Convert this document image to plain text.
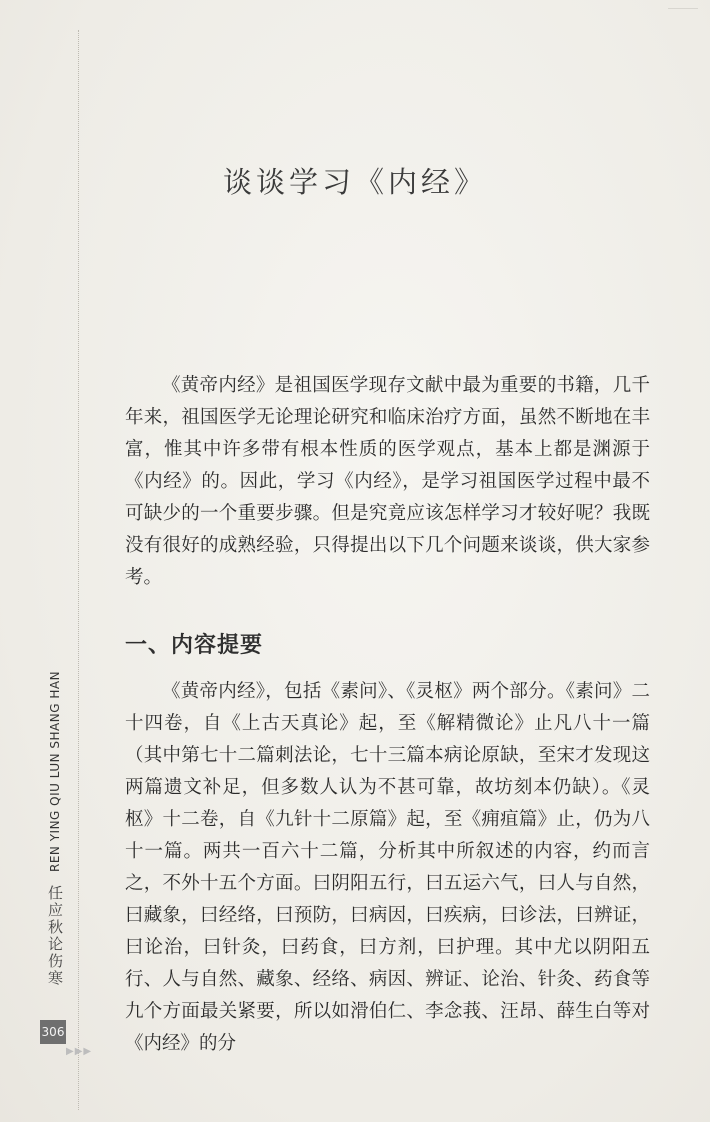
谈谈学习《内经》

《黄帝内经》是祖国医学现存文献中最为重要的书籍，几千年来，祖国医学无论理论研究和临床治疗方面，虽然不断地在丰富，惟其中许多带有根本性质的医学观点，基本上都是渊源于《内经》的。因此，学习《内经》，是学习祖国医学过程中最不可缺少的一个重要步骤。但是究竟应该怎样学习才较好呢？我既没有很好的成熟经验，只得提出以下几个问题来谈谈，供大家参考。

一、内容提要

《黄帝内经》，包括《素问》、《灵枢》两个部分。《素问》二十四卷，自《上古天真论》起，至《解精微论》止凡八十一篇（其中第七十二篇刺法论，七十三篇本病论原缺，至宋才发现这两篇遗文补足，但多数人认为不甚可靠，故坊刻本仍缺）。《灵枢》十二卷，自《九针十二原篇》起，至《痈疽篇》止，仍为八十一篇。两共一百六十二篇，分析其中所叙述的内容，约而言之，不外十五个方面。曰阴阳五行，曰五运六气，曰人与自然，曰藏象，曰经络，曰预防，曰病因，曰疾病，曰诊法，曰辨证，曰论治，曰针灸，曰药食，曰方剂，曰护理。其中尤以阴阳五行、人与自然、藏象、经络、病因、辨证、论治、针灸、药食等九个方面最关紧要，所以如滑伯仁、李念莪、汪昂、薛生白等对《内经》的分

REN YING QIU LUN SHANG HAN
任应秋论伤寒
306
▶▶▶
